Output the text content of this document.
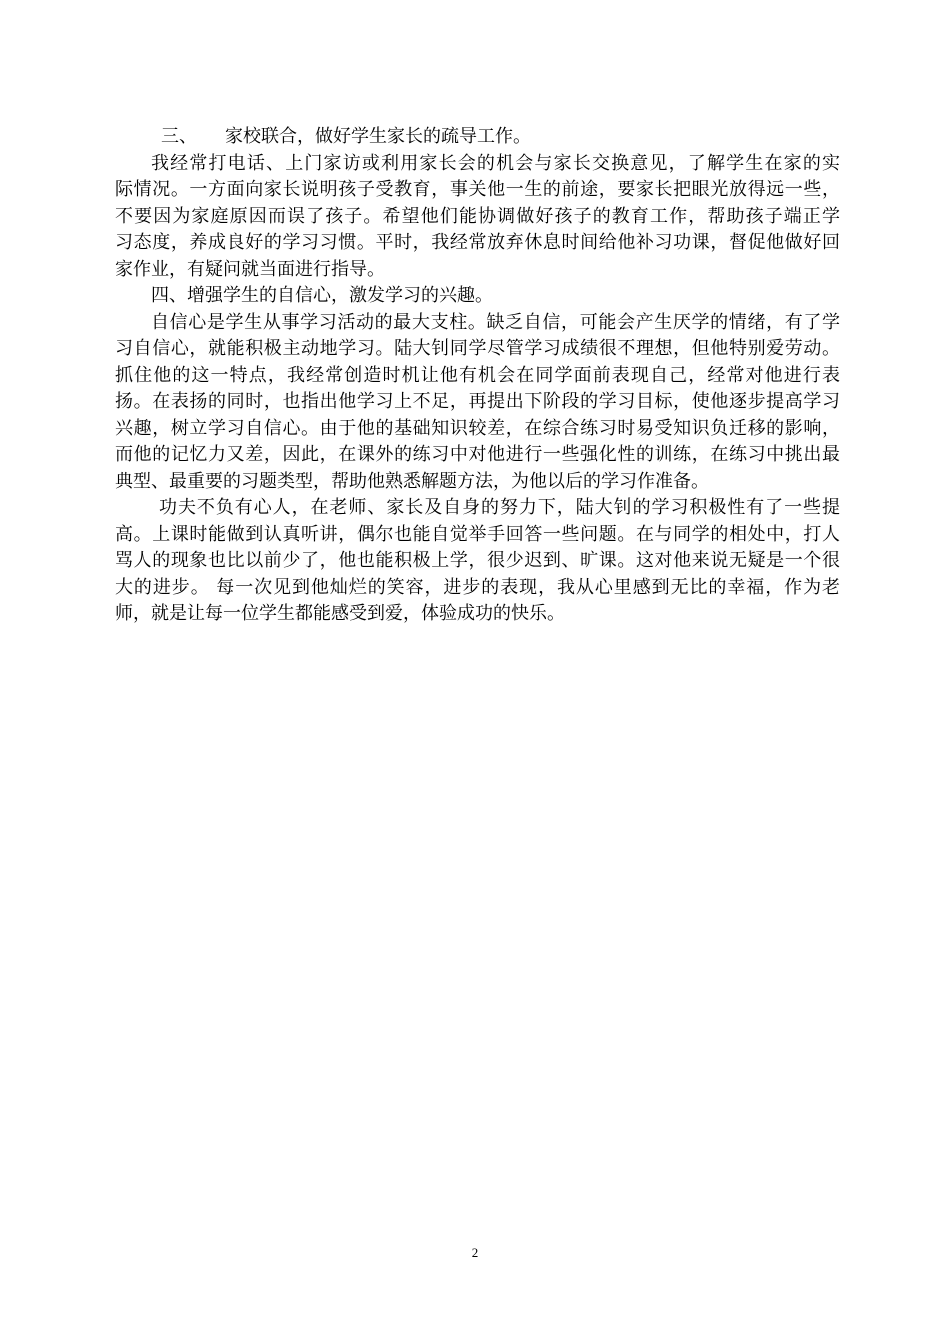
三、 家校联合，做好学生家长的疏导工作。
我经常打电话、上门家访或利用家长会的机会与家长交换意见，了解学生在家的实
际情况。一方面向家长说明孩子受教育，事关他一生的前途，要家长把眼光放得远一些，
不要因为家庭原因而误了孩子。希望他们能协调做好孩子的教育工作，帮助孩子端正学
习态度，养成良好的学习习惯。平时，我经常放弃休息时间给他补习功课，督促他做好回
家作业，有疑问就当面进行指导。
四、增强学生的自信心，激发学习的兴趣。
自信心是学生从事学习活动的最大支柱。缺乏自信，可能会产生厌学的情绪，有了学
习自信心，就能积极主动地学习。陆大钊同学尽管学习成绩很不理想，但他特别爱劳动。
抓住他的这一特点，我经常创造时机让他有机会在同学面前表现自己，经常对他进行表
扬。在表扬的同时，也指出他学习上不足，再提出下阶段的学习目标，使他逐步提高学习
兴趣，树立学习自信心。由于他的基础知识较差，在综合练习时易受知识负迁移的影响，
而他的记忆力又差，因此，在课外的练习中对他进行一些强化性的训练，在练习中挑出最
典型、最重要的习题类型，帮助他熟悉解题方法，为他以后的学习作准备。
功夫不负有心人，在老师、家长及自身的努力下，陆大钊的学习积极性有了一些提
高。上课时能做到认真听讲，偶尔也能自觉举手回答一些问题。在与同学的相处中，打人
骂人的现象也比以前少了，他也能积极上学，很少迟到、旷课。这对他来说无疑是一个很
大的进步。 每一次见到他灿烂的笑容，进步的表现，我从心里感到无比的幸福，作为老
师，就是让每一位学生都能感受到爱，体验成功的快乐。
2
